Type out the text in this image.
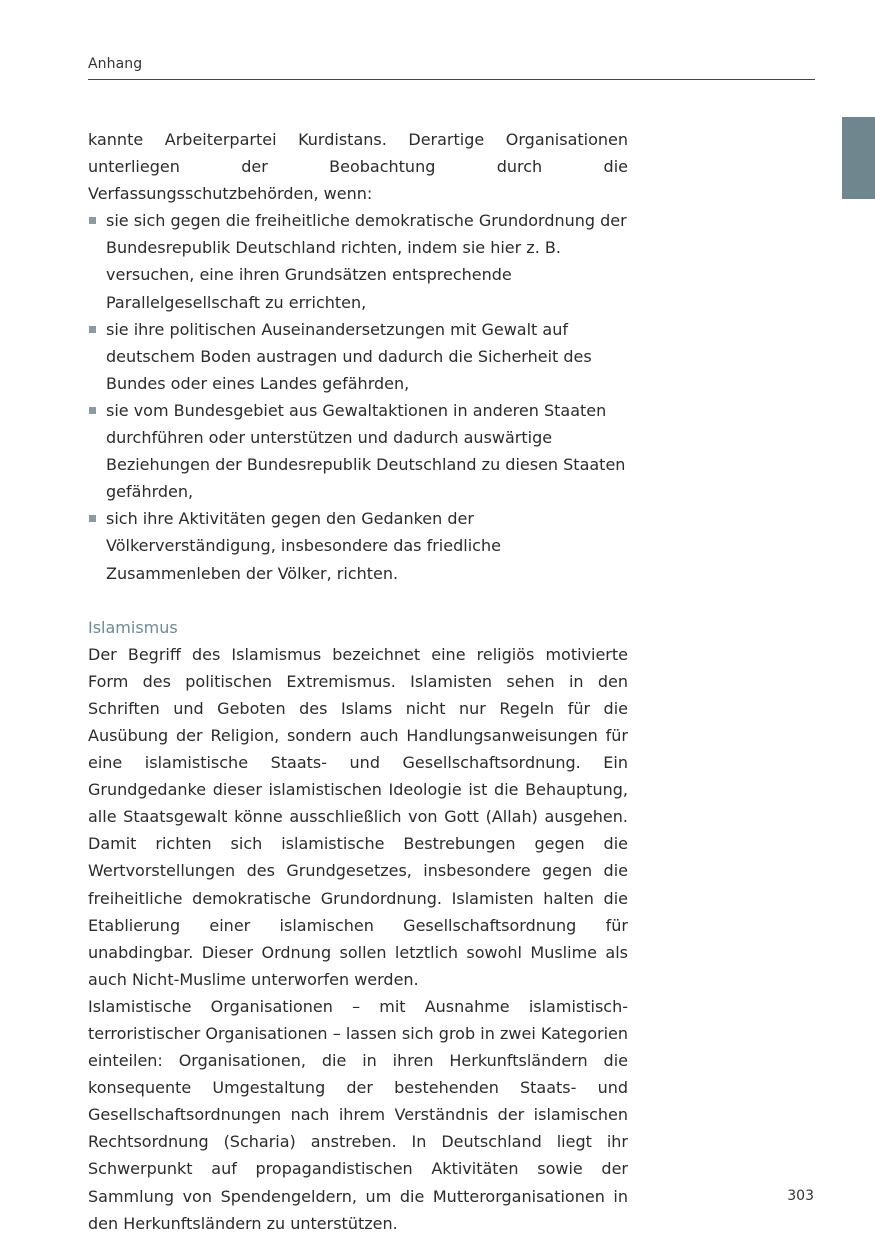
Anhang

kannte Arbeiterpartei Kurdistans. Derartige Organisationen unterliegen der Beobachtung durch die Verfassungsschutzbehörden, wenn:

sie sich gegen die freiheitliche demokratische Grundordnung der Bundesrepublik Deutschland richten, indem sie hier z. B. versuchen, eine ihren Grundsätzen entsprechende Parallelgesellschaft zu errichten,
sie ihre politischen Auseinandersetzungen mit Gewalt auf deutschem Boden austragen und dadurch die Sicherheit des Bundes oder eines Landes gefährden,
sie vom Bundesgebiet aus Gewaltaktionen in anderen Staaten durchführen oder unterstützen und dadurch auswärtige Beziehungen der Bundesrepublik Deutschland zu diesen Staaten gefährden,
sich ihre Aktivitäten gegen den Gedanken der Völkerverständigung, insbesondere das friedliche Zusammenleben der Völker, richten.

Islamismus

Der Begriff des Islamismus bezeichnet eine religiös motivierte Form des politischen Extremismus. Islamisten sehen in den Schriften und Geboten des Islams nicht nur Regeln für die Ausübung der Religion, sondern auch Handlungsanweisungen für eine islamistische Staats- und Gesellschaftsordnung. Ein Grundgedanke dieser islamistischen Ideologie ist die Behauptung, alle Staatsgewalt könne ausschließlich von Gott (Allah) ausgehen. Damit richten sich islamistische Bestrebungen gegen die Wertvorstellungen des Grundgesetzes, insbesondere gegen die freiheitliche demokratische Grundordnung. Islamisten halten die Etablierung einer islamischen Gesellschaftsordnung für unabdingbar. Dieser Ordnung sollen letztlich sowohl Muslime als auch Nicht-Muslime unterworfen werden.

Islamistische Organisationen – mit Ausnahme islamistisch-terroristischer Organisationen – lassen sich grob in zwei Kategorien einteilen: Organisationen, die in ihren Herkunftsländern die konsequente Umgestaltung der bestehenden Staats- und Gesellschaftsordnungen nach ihrem Verständnis der islamischen Rechtsordnung (Scharia) anstreben. In Deutschland liegt ihr Schwerpunkt auf propagandistischen Aktivitäten sowie der Sammlung von Spendengeldern, um die Mutterorganisationen in den Herkunftsländern zu unterstützen.

303
